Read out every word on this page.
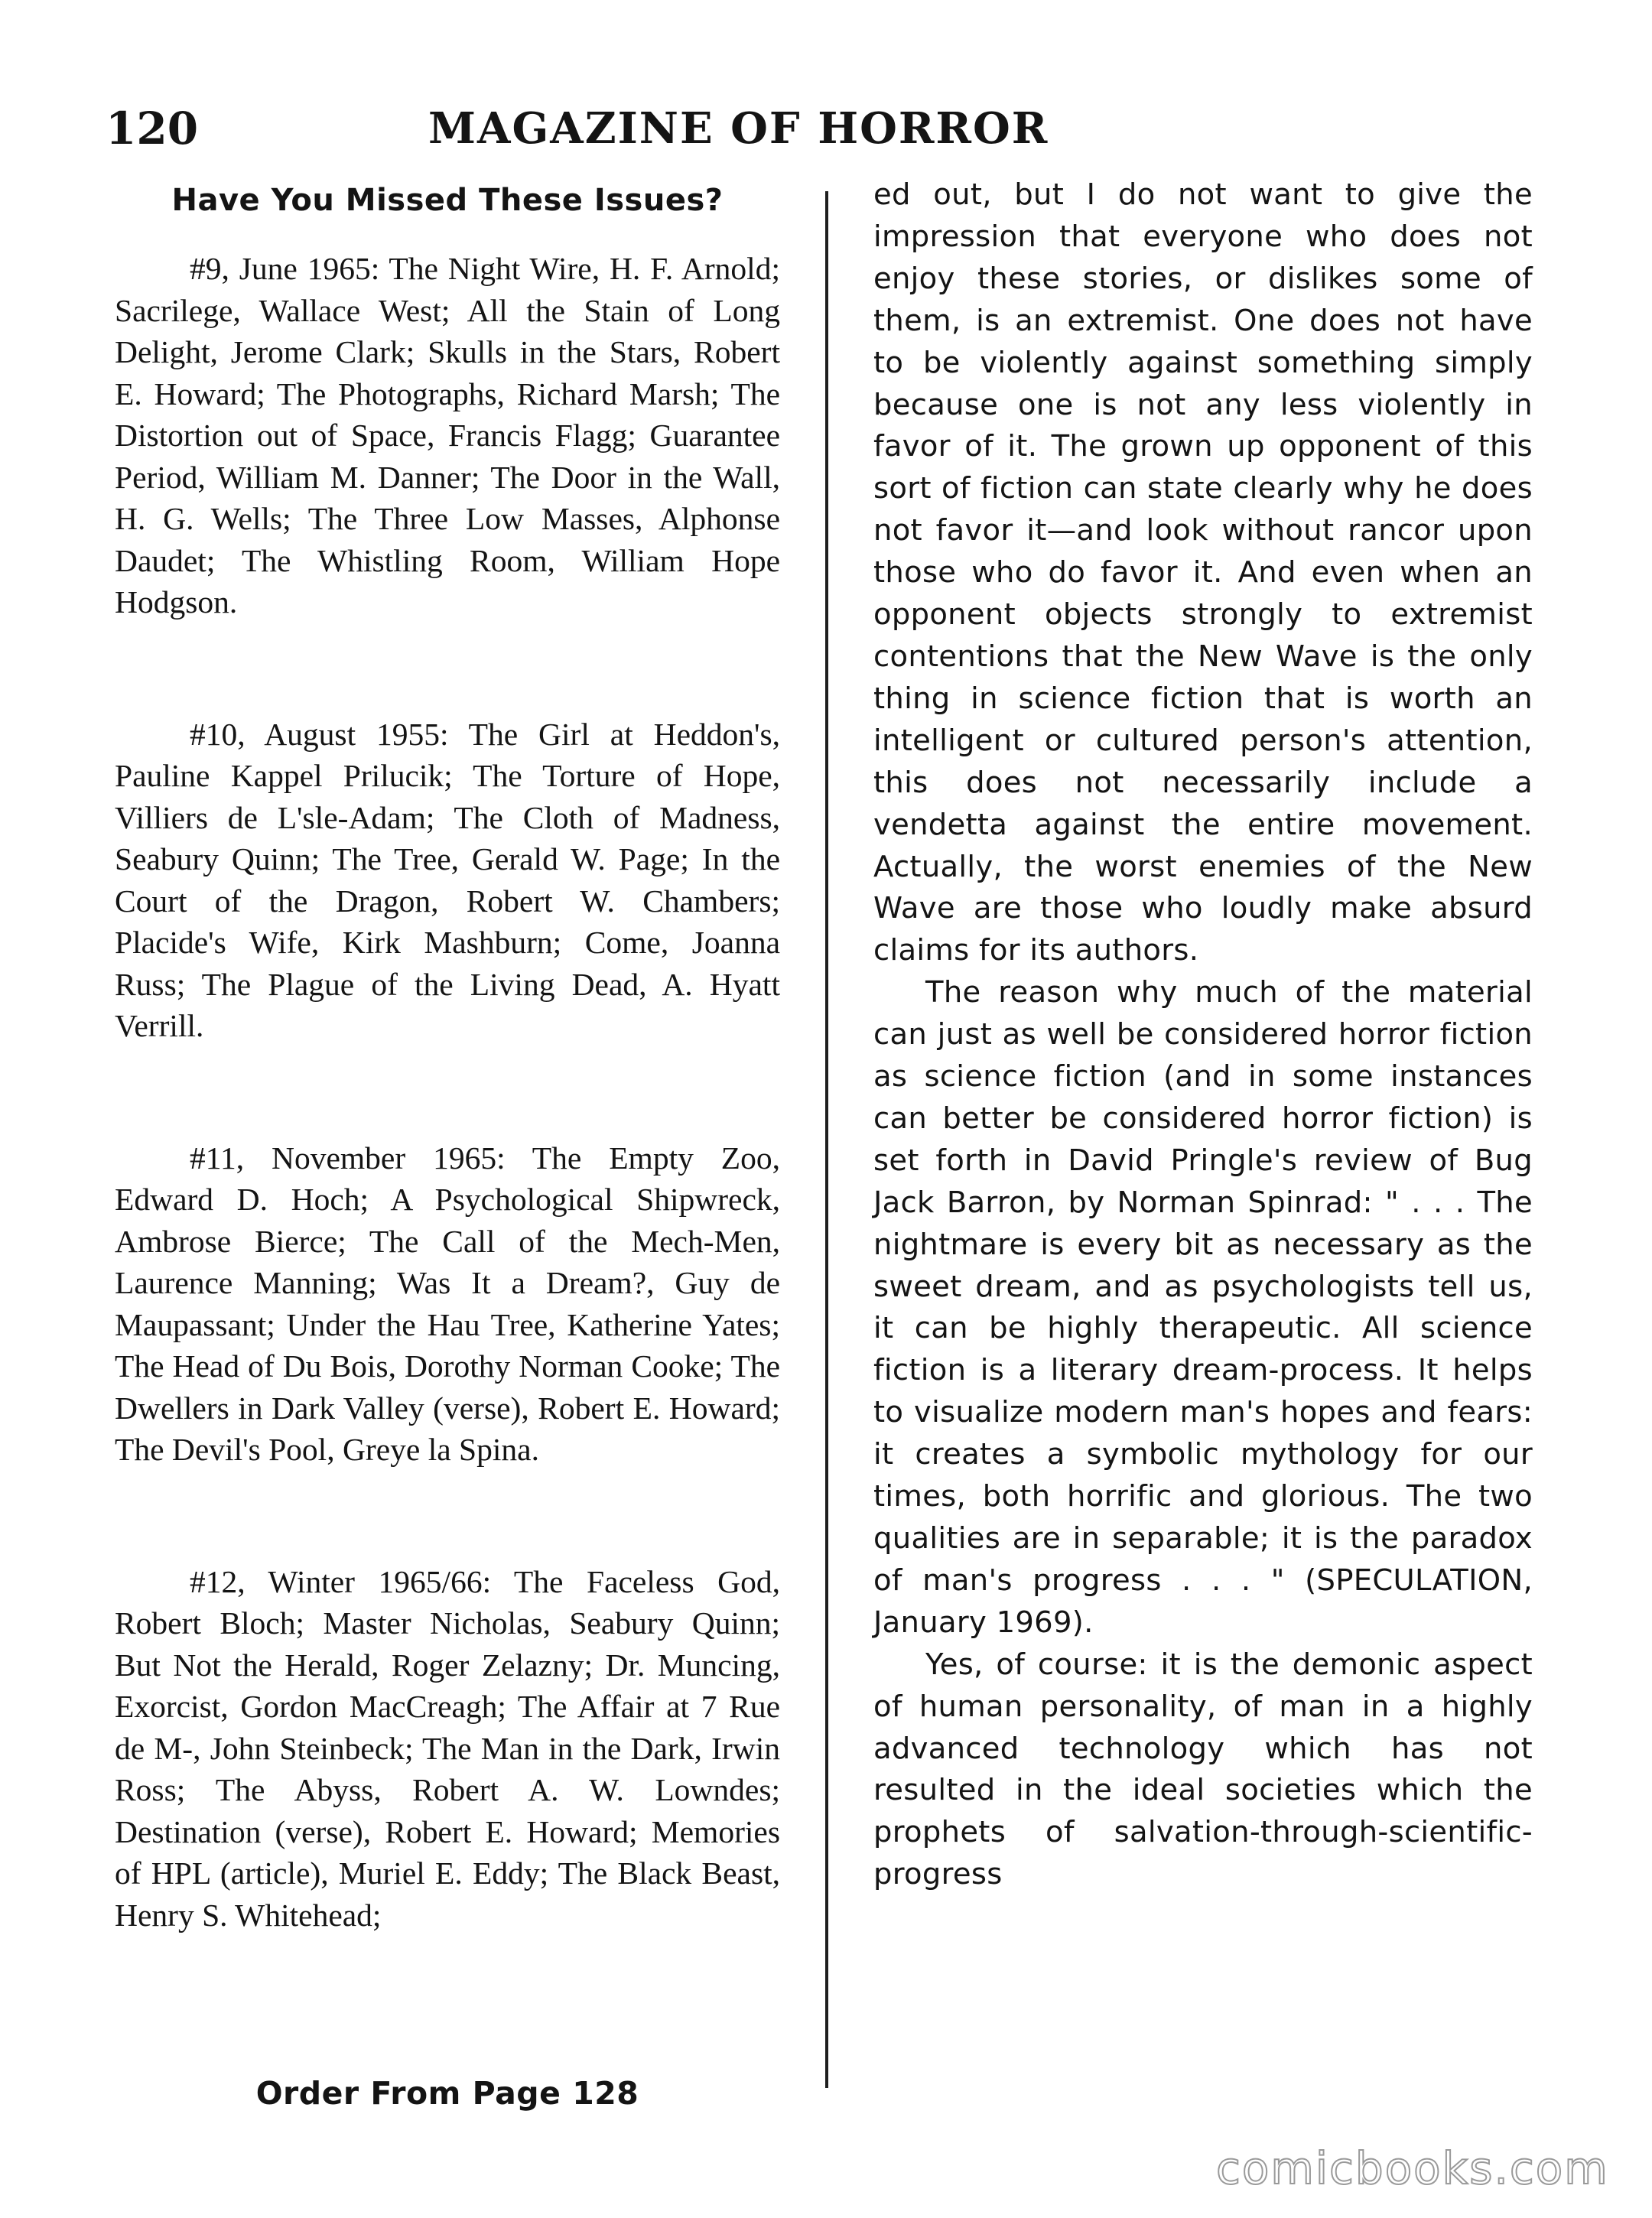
120	MAGAZINE OF HORROR
Have You Missed These Issues?

#9, June 1965: The Night Wire, H. F. Arnold; Sacrilege, Wallace West; All the Stain of Long Delight, Jerome Clark; Skulls in the Stars, Robert E. Howard; The Photographs, Richard Marsh; The Distortion out of Space, Francis Flagg; Guarantee Period, William M. Danner; The Door in the Wall, H. G. Wells; The Three Low Masses, Alphonse Daudet; The Whistling Room, William Hope Hodgson.

#10, August 1955: The Girl at Heddon's, Pauline Kappel Prilucik; The Torture of Hope, Villiers de L'sle-Adam; The Cloth of Madness, Seabury Quinn; The Tree, Gerald W. Page; In the Court of the Dragon, Robert W. Chambers; Placide's Wife, Kirk Mashburn; Come, Joanna Russ; The Plague of the Living Dead, A. Hyatt Verrill.

#11, November 1965: The Empty Zoo, Edward D. Hoch; A Psychological Shipwreck, Ambrose Bierce; The Call of the Mech-Men, Laurence Manning; Was It a Dream?, Guy de Maupassant; Under the Hau Tree, Katherine Yates; The Head of Du Bois, Dorothy Norman Cooke; The Dwellers in Dark Valley (verse), Robert E. Howard; The Devil's Pool, Greye la Spina.

#12, Winter 1965/66: The Faceless God, Robert Bloch; Master Nicholas, Seabury Quinn; But Not the Herald, Roger Zelazny; Dr. Muncing, Exorcist, Gordon MacCreagh; The Affair at 7 Rue de M-, John Steinbeck; The Man in the Dark, Irwin Ross; The Abyss, Robert A. W. Lowndes; Destination (verse), Robert E. Howard; Memories of HPL (article), Muriel E. Eddy; The Black Beast, Henry S. Whitehead;

Order From Page 128

ed out, but I do not want to give the impression that everyone who does not enjoy these stories, or dislikes some of them, is an extremist. One does not have to be violently against something simply because one is not any less violently in favor of it. The grown up opponent of this sort of fiction can state clearly why he does not favor it—and look without rancor upon those who do favor it. And even when an opponent objects strongly to extremist contentions that the New Wave is the only thing in science fiction that is worth an intelligent or cultured person's attention, this does not necessarily include a vendetta against the entire movement. Actually, the worst enemies of the New Wave are those who loudly make absurd claims for its authors.

The reason why much of the material can just as well be considered horror fiction as science fiction (and in some instances can better be considered horror fiction) is set forth in David Pringle's review of Bug Jack Barron, by Norman Spinrad: " . . . The nightmare is every bit as necessary as the sweet dream, and as psychologists tell us, it can be highly therapeutic. All science fiction is a literary dream-process. It helps to visualize modern man's hopes and fears: it creates a symbolic mythology for our times, both horrific and glorious. The two qualities are in separable; it is the paradox of man's progress . . . " (SPECULATION, January 1969).

Yes, of course: it is the demonic aspect of human personality, of man in a highly advanced technology which has not resulted in the ideal societies which the prophets of salvation-through-scientific-progress

comicbooks.com
